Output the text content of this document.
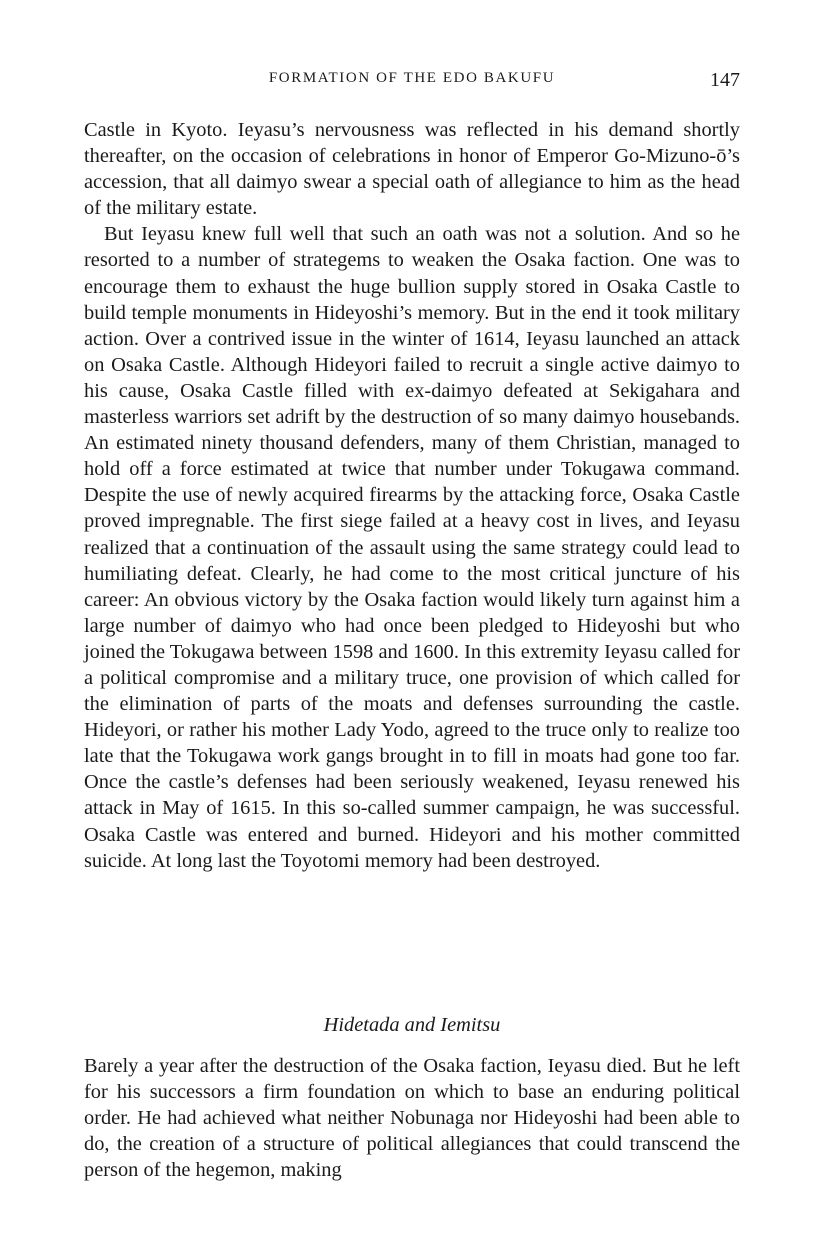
FORMATION OF THE EDO BAKUFU	147

Castle in Kyoto. Ieyasu’s nervousness was reflected in his demand shortly thereafter, on the occasion of celebrations in honor of Emperor Go-Mizuno-ō’s accession, that all daimyo swear a special oath of allegiance to him as the head of the military estate.

But Ieyasu knew full well that such an oath was not a solution. And so he resorted to a number of strategems to weaken the Osaka faction. One was to encourage them to exhaust the huge bullion supply stored in Osaka Castle to build temple monuments in Hideyoshi’s memory. But in the end it took military action. Over a contrived issue in the winter of 1614, Ieyasu launched an attack on Osaka Castle. Although Hideyori failed to recruit a single active daimyo to his cause, Osaka Castle filled with ex-daimyo defeated at Sekigahara and masterless warriors set adrift by the destruction of so many daimyo housebands. An estimated ninety thousand defenders, many of them Christian, managed to hold off a force estimated at twice that number under Tokugawa command. Despite the use of newly acquired firearms by the attacking force, Osaka Castle proved impregnable. The first siege failed at a heavy cost in lives, and Ieyasu realized that a continuation of the assault using the same strategy could lead to humiliating defeat. Clearly, he had come to the most critical juncture of his career: An obvious victory by the Osaka faction would likely turn against him a large number of daimyo who had once been pledged to Hideyoshi but who joined the Tokugawa between 1598 and 1600. In this extremity Ieyasu called for a political compromise and a military truce, one provision of which called for the elimination of parts of the moats and defenses surrounding the castle. Hideyori, or rather his mother Lady Yodo, agreed to the truce only to realize too late that the Tokugawa work gangs brought in to fill in moats had gone too far. Once the castle’s defenses had been seriously weakened, Ieyasu renewed his attack in May of 1615. In this so-called summer campaign, he was successful. Osaka Castle was entered and burned. Hideyori and his mother committed suicide. At long last the Toyotomi memory had been destroyed.

Hidetada and Iemitsu

Barely a year after the destruction of the Osaka faction, Ieyasu died. But he left for his successors a firm foundation on which to base an enduring political order. He had achieved what neither Nobunaga nor Hideyoshi had been able to do, the creation of a structure of political allegiances that could transcend the person of the hegemon, making
